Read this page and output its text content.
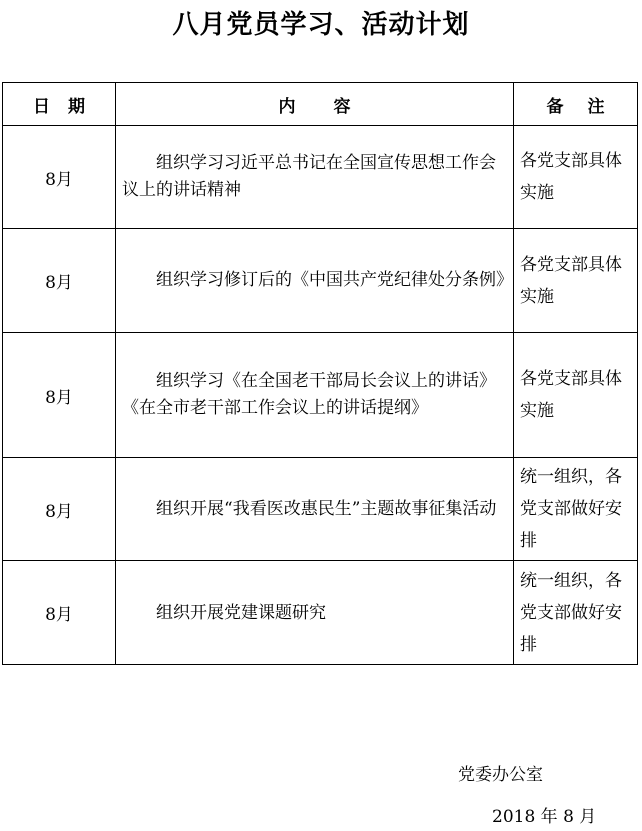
八月党员学习、活动计划
日期	内容	备注
8月	组织学习习近平总书记在全国宣传思想工作会议上的讲话精神	各党支部具体实施

8月	组织学习修订后的《中国共产党纪律处分条例》	各党支部具体实施

8月	组织学习《在全国老干部局长会议上的讲话》《在全市老干部工作会议上的讲话提纲》	各党支部具体实施

8月	组织开展“我看医改惠民生”主题故事征集活动	统一组织，各党支部做好安排

8月	组织开展党建课题研究	统一组织，各党支部做好安排
党委办公室
2018 年 8 月
